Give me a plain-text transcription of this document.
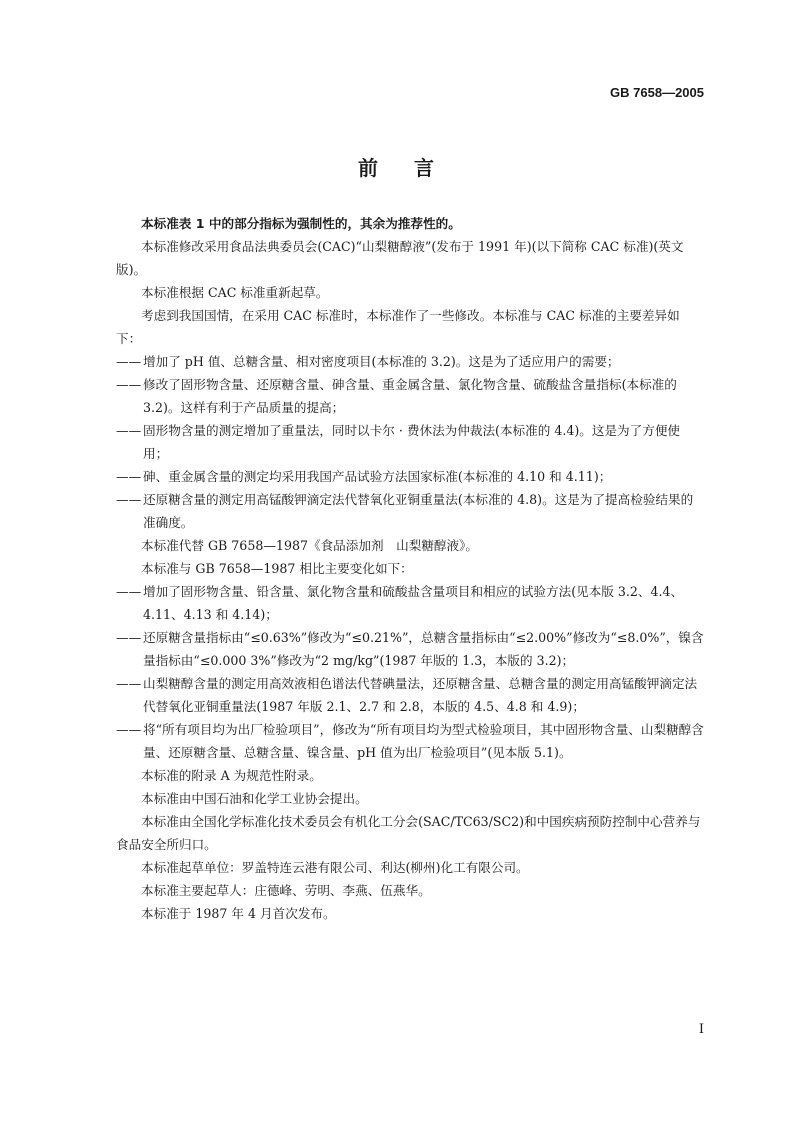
GB 7658—2005
前 言

本标准表 1 中的部分指标为强制性的，其余为推荐性的。

本标准修改采用食品法典委员会(CAC)“山梨糖醇液”(发布于 1991 年)(以下简称 CAC 标准)(英文版)。

本标准根据 CAC 标准重新起草。

考虑到我国国情，在采用 CAC 标准时，本标准作了一些修改。本标准与 CAC 标准的主要差异如下：

—— 增加了 pH 值、总糖含量、相对密度项目(本标准的 3.2)。这是为了适应用户的需要；
—— 修改了固形物含量、还原糖含量、砷含量、重金属含量、氯化物含量、硫酸盐含量指标(本标准的 3.2)。这样有利于产品质量的提高；
—— 固形物含量的测定增加了重量法，同时以卡尔 · 费休法为仲裁法(本标准的 4.4)。这是为了方便使用；
—— 砷、重金属含量的测定均采用我国产品试验方法国家标准(本标准的 4.10 和 4.11)；
—— 还原糖含量的测定用高锰酸钾滴定法代替氧化亚铜重量法(本标准的 4.8)。这是为了提高检验结果的准确度。

本标准代替 GB 7658—1987《食品添加剂　山梨糖醇液》。

本标准与 GB 7658—1987 相比主要变化如下：

—— 增加了固形物含量、铅含量、氯化物含量和硫酸盐含量项目和相应的试验方法(见本版 3.2、4.4、4.11、4.13 和 4.14)；
—— 还原糖含量指标由“≤0.63%”修改为“≤0.21%”，总糖含量指标由“≤2.00%”修改为“≤8.0%”，镍含量指标由“≤0.000 3%”修改为“2 mg/kg”(1987 年版的 1.3，本版的 3.2)；
—— 山梨糖醇含量的测定用高效液相色谱法代替碘量法，还原糖含量、总糖含量的测定用高锰酸钾滴定法代替氧化亚铜重量法(1987 年版 2.1、2.7 和 2.8，本版的 4.5、4.8 和 4.9)；
—— 将“所有项目均为出厂检验项目”，修改为“所有项目均为型式检验项目，其中固形物含量、山梨糖醇含量、还原糖含量、总糖含量、镍含量、pH 值为出厂检验项目”(见本版 5.1)。

本标准的附录 A 为规范性附录。

本标准由中国石油和化学工业协会提出。

本标准由全国化学标准化技术委员会有机化工分会(SAC/TC63/SC2)和中国疾病预防控制中心营养与食品安全所归口。

本标准起草单位：罗盖特连云港有限公司、利达(柳州)化工有限公司。

本标准主要起草人：庄德峰、劳明、李燕、伍燕华。

本标准于 1987 年 4 月首次发布。

I
